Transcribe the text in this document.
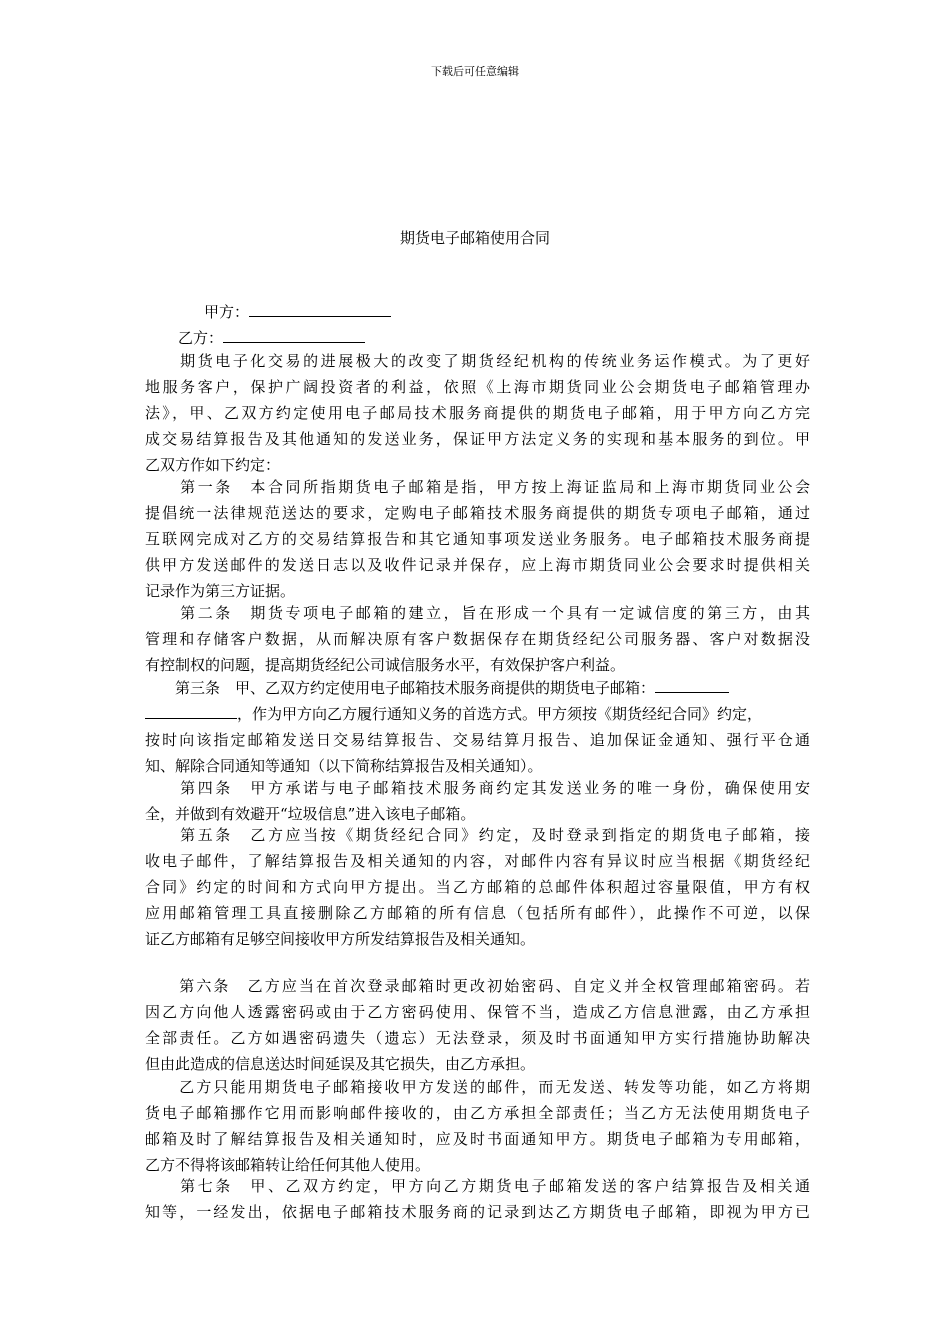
下载后可任意编辑
期货电子邮箱使用合同
甲方：
乙方：
　　期货电子化交易的进展极大的改变了期货经纪机构的传统业务运作模式。为了更好
地服务客户，保护广阔投资者的利益，依照《上海市期货同业公会期货电子邮箱管理办
法》，甲、乙双方约定使用电子邮局技术服务商提供的期货电子邮箱，用于甲方向乙方完
成交易结算报告及其他通知的发送业务，保证甲方法定义务的实现和基本服务的到位。甲
乙双方作如下约定：
　　第一条　本合同所指期货电子邮箱是指，甲方按上海证监局和上海市期货同业公会
提倡统一法律规范送达的要求，定购电子邮箱技术服务商提供的期货专项电子邮箱，通过
互联网完成对乙方的交易结算报告和其它通知事项发送业务服务。电子邮箱技术服务商提
供甲方发送邮件的发送日志以及收件记录并保存，应上海市期货同业公会要求时提供相关
记录作为第三方证据。
　　第二条　期货专项电子邮箱的建立，旨在形成一个具有一定诚信度的第三方，由其
管理和存储客户数据，从而解决原有客户数据保存在期货经纪公司服务器、客户对数据没
有控制权的问题，提高期货经纪公司诚信服务水平，有效保护客户利益。
　　第三条　甲、乙双方约定使用电子邮箱技术服务商提供的期货电子邮箱：
，作为甲方向乙方履行通知义务的首选方式。甲方须按《期货经纪合同》约定，
按时向该指定邮箱发送日交易结算报告、交易结算月报告、追加保证金通知、强行平仓通
知、解除合同通知等通知（以下简称结算报告及相关通知）。
　　第四条　甲方承诺与电子邮箱技术服务商约定其发送业务的唯一身份，确保使用安
全，并做到有效避开“垃圾信息”进入该电子邮箱。
　　第五条　乙方应当按《期货经纪合同》约定，及时登录到指定的期货电子邮箱，接
收电子邮件，了解结算报告及相关通知的内容，对邮件内容有异议时应当根据《期货经纪
合同》约定的时间和方式向甲方提出。当乙方邮箱的总邮件体积超过容量限值，甲方有权
应用邮箱管理工具直接删除乙方邮箱的所有信息（包括所有邮件），此操作不可逆，以保
证乙方邮箱有足够空间接收甲方所发结算报告及相关通知。
　　第六条　乙方应当在首次登录邮箱时更改初始密码、自定义并全权管理邮箱密码。若
因乙方向他人透露密码或由于乙方密码使用、保管不当，造成乙方信息泄露，由乙方承担
全部责任。乙方如遇密码遗失（遗忘）无法登录，须及时书面通知甲方实行措施协助解决
但由此造成的信息送达时间延误及其它损失，由乙方承担。
　　乙方只能用期货电子邮箱接收甲方发送的邮件，而无发送、转发等功能，如乙方将期
货电子邮箱挪作它用而影响邮件接收的，由乙方承担全部责任；当乙方无法使用期货电子
邮箱及时了解结算报告及相关通知时，应及时书面通知甲方。期货电子邮箱为专用邮箱，
乙方不得将该邮箱转让给任何其他人使用。
　　第七条　甲、乙双方约定，甲方向乙方期货电子邮箱发送的客户结算报告及相关通
知等，一经发出，依据电子邮箱技术服务商的记录到达乙方期货电子邮箱，即视为甲方已
